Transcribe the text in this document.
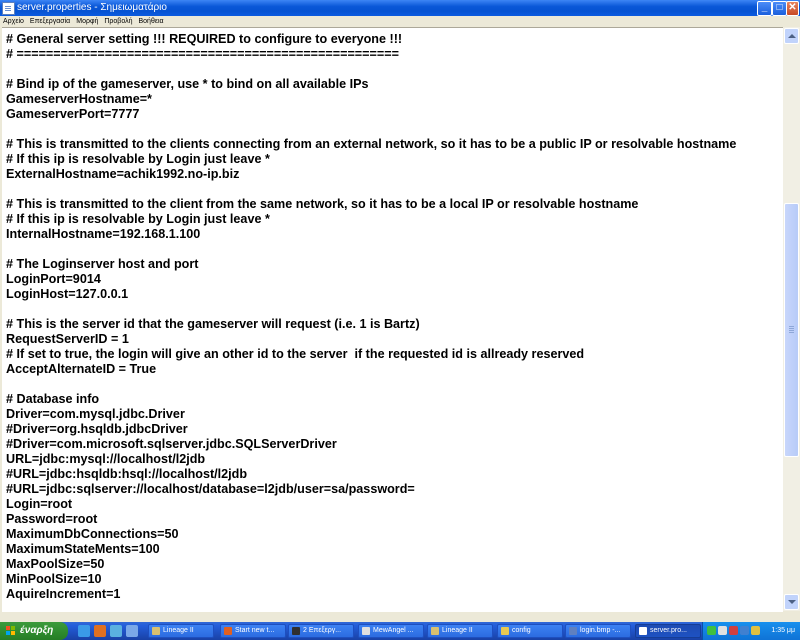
server.properties - Σημειωματάριο	_ □ ✕
Αρχείο Επεξεργασία Μορφή Προβολή Βοήθεια
# General server setting !!! REQUIRED to configure to everyone !!!
# ====================================================
# Bind ip of the gameserver, use * to bind on all available IPs
GameserverHostname=*
GameserverPort=7777
# This is transmitted to the clients connecting from an external network, so it has to be a public IP or resolvable hostname
# If this ip is resolvable by Login just leave *
ExternalHostname=achik1992.no-ip.biz
# This is transmitted to the client from the same network, so it has to be a local IP or resolvable hostname
# If this ip is resolvable by Login just leave *
InternalHostname=192.168.1.100
# The Loginserver host and port
LoginPort=9014
LoginHost=127.0.0.1
# This is the server id that the gameserver will request (i.e. 1 is Bartz)
RequestServerID = 1
# If set to true, the login will give an other id to the server  if the requested id is allready reserved
AcceptAlternateID = True
# Database info
Driver=com.mysql.jdbc.Driver
#Driver=org.hsqldb.jdbcDriver
#Driver=com.microsoft.sqlserver.jdbc.SQLServerDriver
URL=jdbc:mysql://localhost/l2jdb
#URL=jdbc:hsqldb:hsql://localhost/l2jdb
#URL=jdbc:sqlserver://localhost/database=l2jdb/user=sa/password=
Login=root
Password=root
MaximumDbConnections=50
MaximumStateMents=100
MaxPoolSize=50
MinPoolSize=10
AquireIncrement=1
έναρξη	Lineage II	Start new t...	2 Επεξεργ...	MewAngel ...	Lineage II	config	login.bmp -...	server.pro...	1:35 μμ
